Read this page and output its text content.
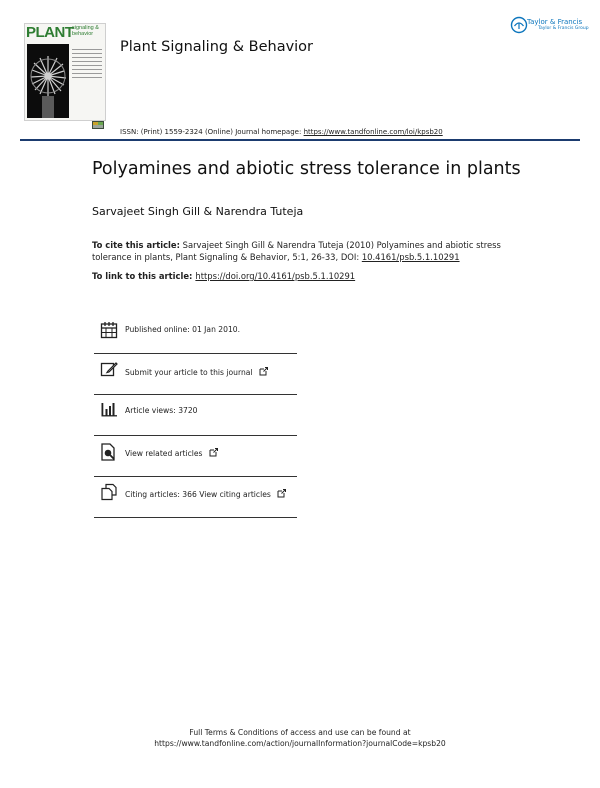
PLANT
signaling &
behavior
Plant Signaling & Behavior
Taylor & Francis
Taylor & Francis Group
ISSN: (Print) 1559-2324 (Online) Journal homepage: https://www.tandfonline.com/loi/kpsb20
Polyamines and abiotic stress tolerance in plants
Sarvajeet Singh Gill & Narendra Tuteja
To cite this article: Sarvajeet Singh Gill & Narendra Tuteja (2010) Polyamines and abiotic stress tolerance in plants, Plant Signaling & Behavior, 5:1, 26-33, DOI: 10.4161/psb.5.1.10291
To link to this article: https://doi.org/10.4161/psb.5.1.10291
Published online: 01 Jan 2010.
Submit your article to this journal
Article views: 3720
View related articles
Citing articles: 366 View citing articles
Full Terms & Conditions of access and use can be found at
https://www.tandfonline.com/action/journalInformation?journalCode=kpsb20
